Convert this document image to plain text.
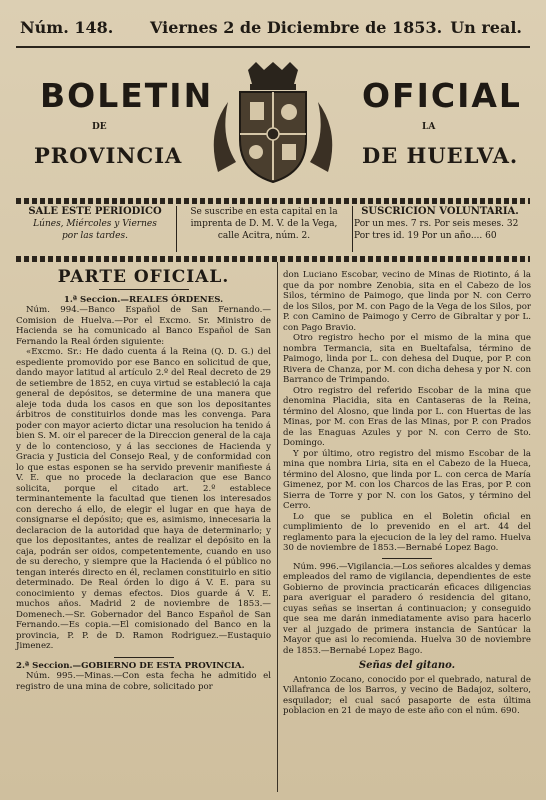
Núm. 148. Viernes 2 de Diciembre de 1853. Un real.
BOLETIN	OFICIAL
DE	LA
PROVINCIA	DE HUELVA.
SALE ESTE PERIODICO
Lúnes, Miércoles y Viernes
por las tardes.
Se suscribe en esta capital en la
imprenta de D. M. V. de la Vega,
calle Acitra, núm. 2.
SUSCRICION VOLUNTARIA.
Por un mes. 7 rs. Por seis meses. 32
Por tres id. 19 Por un año.... 60
PARTE OFICIAL.
1.ª Seccion.—REALES ÓRDENES.

Núm. 994.—Banco Español de San Fernando.—Comision de Huelva.—Por el Excmo. Sr. Ministro de Hacienda se ha comunicado al Banco Español de San Fernando la Real órden siguiente:

«Excmo. Sr.: He dado cuenta á la Reina (Q. D. G.) del espediente promovido por ese Banco en solicitud de que, dando mayor latitud al artículo 2.º del Real decreto de 29 de setiembre de 1852, en cuya virtud se estableció la caja general de depósitos, se determine de una manera que aleje toda duda los casos en que son los depositantes árbitros de constituirlos donde mas les convenga. Para poder con mayor acierto dictar una resolucion ha tenido á bien S. M. oir el parecer de la Direccion general de la caja y de lo contencioso, y á las secciones de Hacienda y Gracia y Justicia del Consejo Real, y de conformidad con lo que estas esponen se ha servido prevenir manifieste á V. E. que no procede la declaracion que ese Banco solicita, porque el citado art. 2.º establece terminantemente la facultad que tienen los interesados con derecho á ello, de elegir el lugar en que haya de consignarse el depósito; que es, asimismo, innecesaria la declaracion de la autoridad que haya de determinarlo; y que los depositantes, antes de realizar el depósito en la caja, podrán ser oidos, competentemente, cuando en uso de su derecho, y siempre que la Hacienda ó el público no tengan interés directo en él, reclamen constituirlo en sitio determinado. De Real órden lo digo á V. E. para su conocimiento y demas efectos. Dios guarde á V. E. muchos años. Madrid 2 de noviembre de 1853.—Domenech.—Sr. Gobernador del Banco Español de San Fernando.—Es copia.—El comisionado del Banco en la provincia, P. P. de D. Ramon Rodriguez.—Eustaquio Jimenez.

2.ª Seccion.—GOBIERNO DE ESTA PROVINCIA.

Núm. 995.—Minas.—Con esta fecha he admitido el registro de una mina de cobre, solicitado por

don Luciano Escobar, vecino de Minas de Riotinto, á la que da por nombre Zenobia, sita en el Cabezo de los Silos, término de Paimogo, que linda por N. con Cerro de los Silos, por M. con Pago de la Vega de los Silos, por P. con Camino de Paimogo y Cerro de Gibraltar y por L. con Pago Bravio.

Otro registro hecho por el mismo de la mina que nombra Termancia, sita en Bueltafalsa, término de Paimogo, linda por L. con dehesa del Duque, por P. con Rivera de Chanza, por M. con dicha dehesa y por N. con Barranco de Trimpando.

Otro registro del referido Escobar de la mina que denomina Placidia, sita en Cantaseras de la Reina, término del Alosno, que linda por L. con Huertas de las Minas, por M. con Eras de las Minas, por P. con Prados de las Enaguas Azules y por N. con Cerro de Sto. Domingo.

Y por último, otro registro del mismo Escobar de la mina que nombra Liria, sita en el Cabezo de la Hueca, término del Alosno, que linda por L. con cerca de María Gimenez, por M. con los Charcos de las Eras, por P. con Sierra de Torre y por N. con los Gatos, y término del Cerro.

Lo que se publica en el Boletin oficial en cumplimiento de lo prevenido en el art. 44 del reglamento para la ejecucion de la ley del ramo. Huelva 30 de noviembre de 1853.—Bernabé Lopez Bago.

Núm. 996.—Vigilancia.—Los señores alcaldes y demas empleados del ramo de vigilancia, dependientes de este Gobierno de provincia practicarán eficaces diligencias para averiguar el paradero ó residencia del gitano, cuyas señas se insertan á continuacion; y conseguido que sea me darán inmediatamente aviso para hacerlo ver al juzgado de primera instancia de Santúcar la Mayor que asi lo recomienda. Huelva 30 de noviembre de 1853.—Bernabé Lopez Bago.

Señas del gitano.

Antonio Zocano, conocido por el quebrado, natural de Villafranca de los Barros, y vecino de Badajoz, soltero, esquilador; el cual sacó pasaporte de esta última poblacion en 21 de mayo de este año con el núm. 690.
